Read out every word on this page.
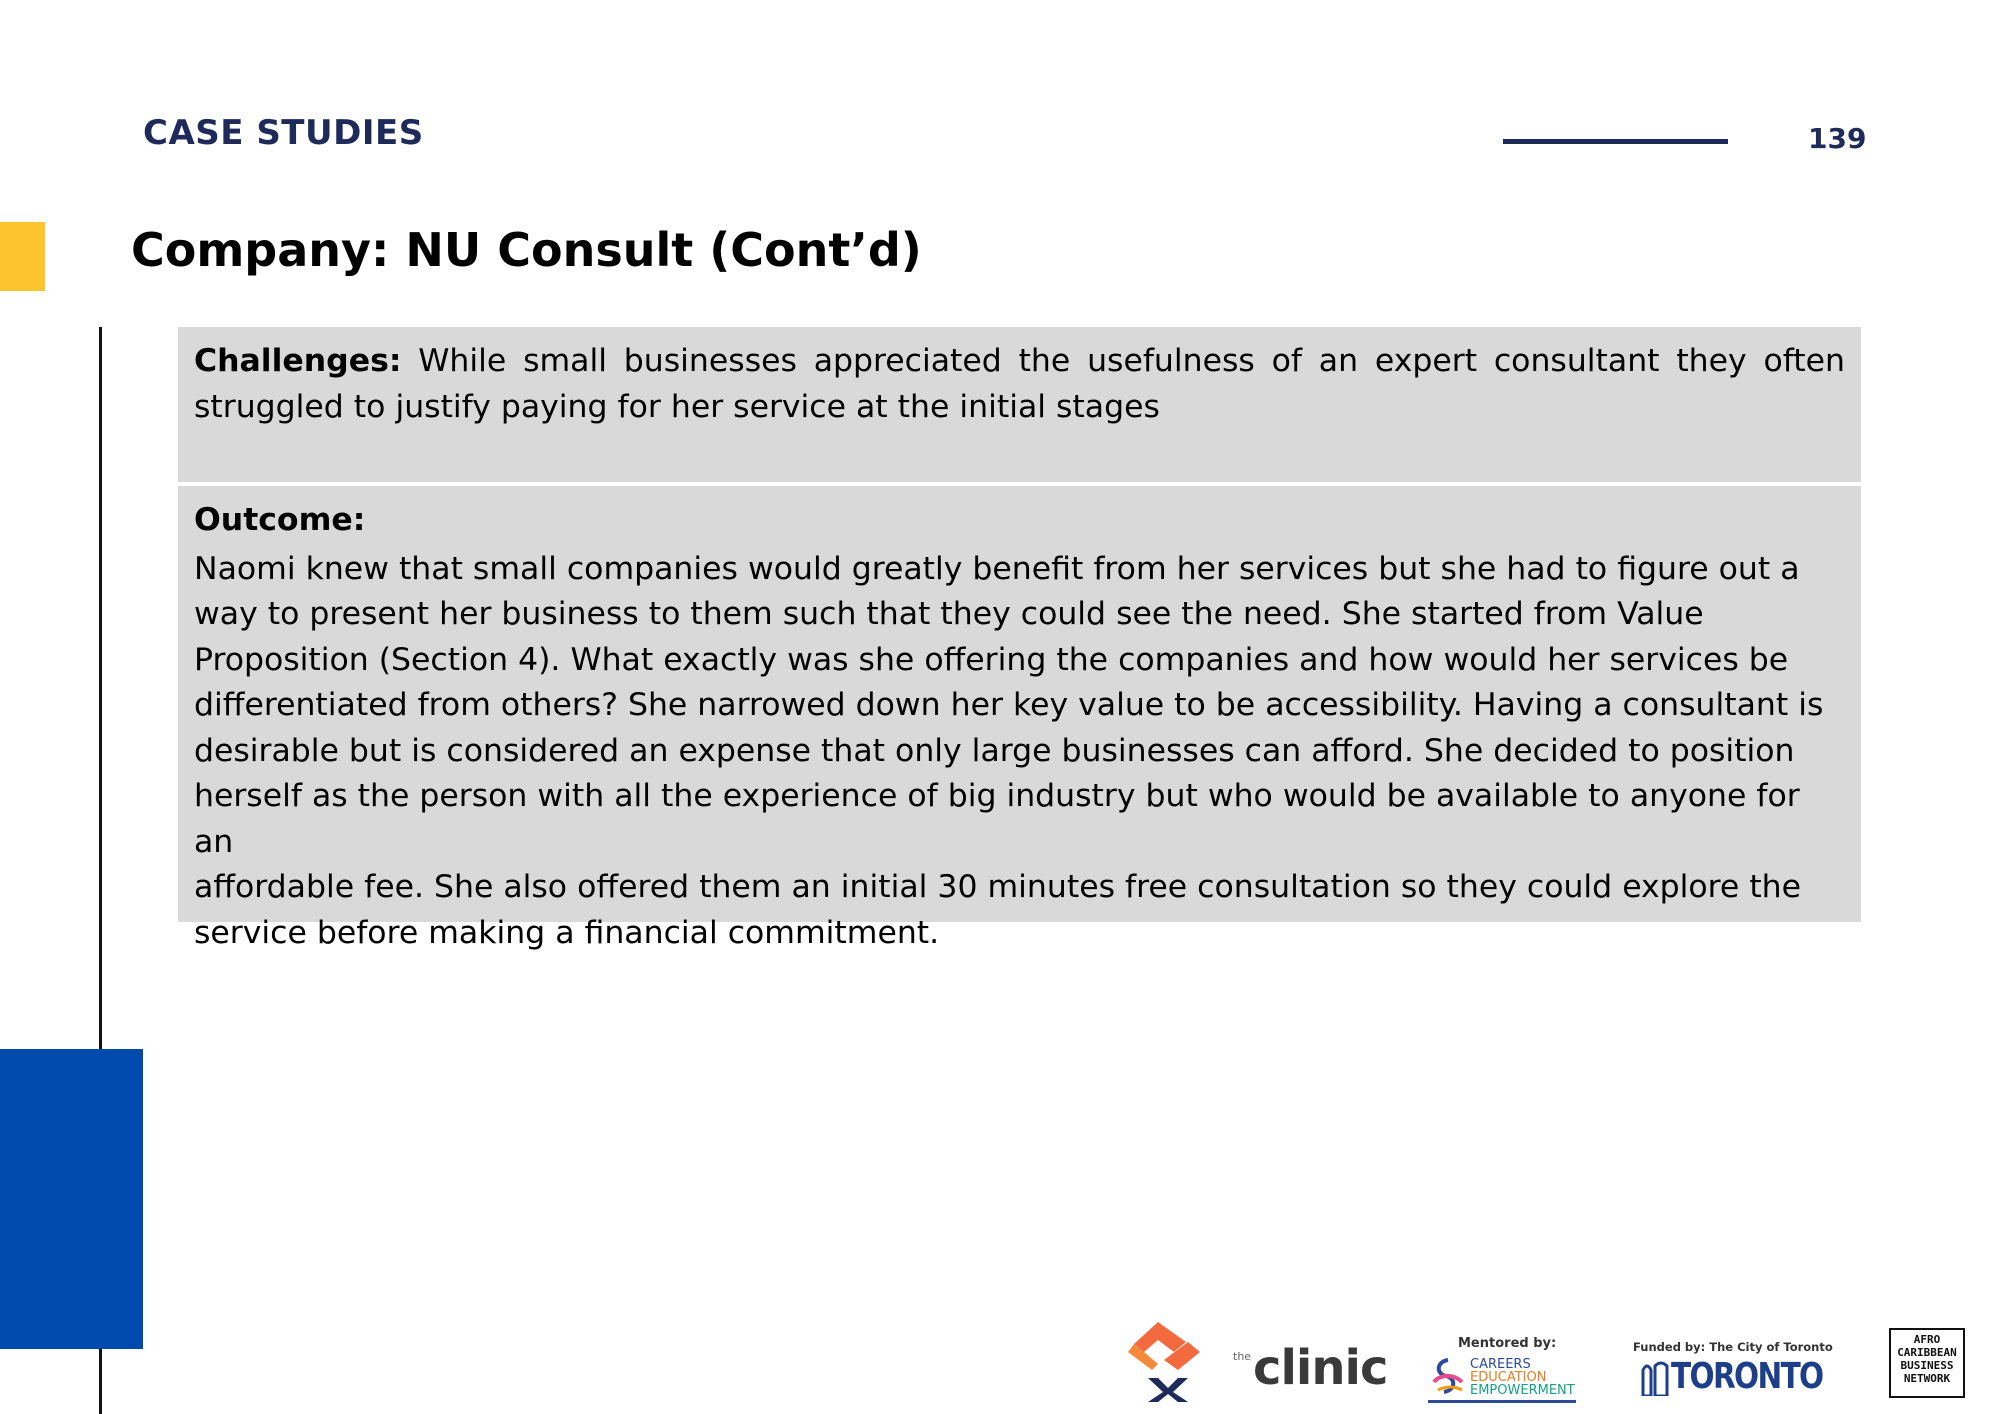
CASE STUDIES	139
Company: NU Consult (Cont’d)
Challenges: While small businesses appreciated the usefulness of an expert consultant they often struggled to justify paying for her service at the initial stages
Outcome:
Naomi knew that small companies would greatly benefit from her services but she had to figure out a
way to present her business to them such that they could see the need. She started from Value
Proposition (Section 4). What exactly was she offering the companies and how would her services be
differentiated from others? She narrowed down her key value to be accessibility. Having a consultant is
desirable but is considered an expense that only large businesses can afford. She decided to position
herself as the person with all the experience of big industry but who would be available to anyone for an
affordable fee. She also offered them an initial 30 minutes free consultation so they could explore the
service before making a financial commitment.
the clinic	Mentored by:
CAREERS
EDUCATION
EMPOWERMENT
Funded by: The City of Toronto
TORONTO
AFRO
CARIBBEAN
BUSINESS
NETWORK
